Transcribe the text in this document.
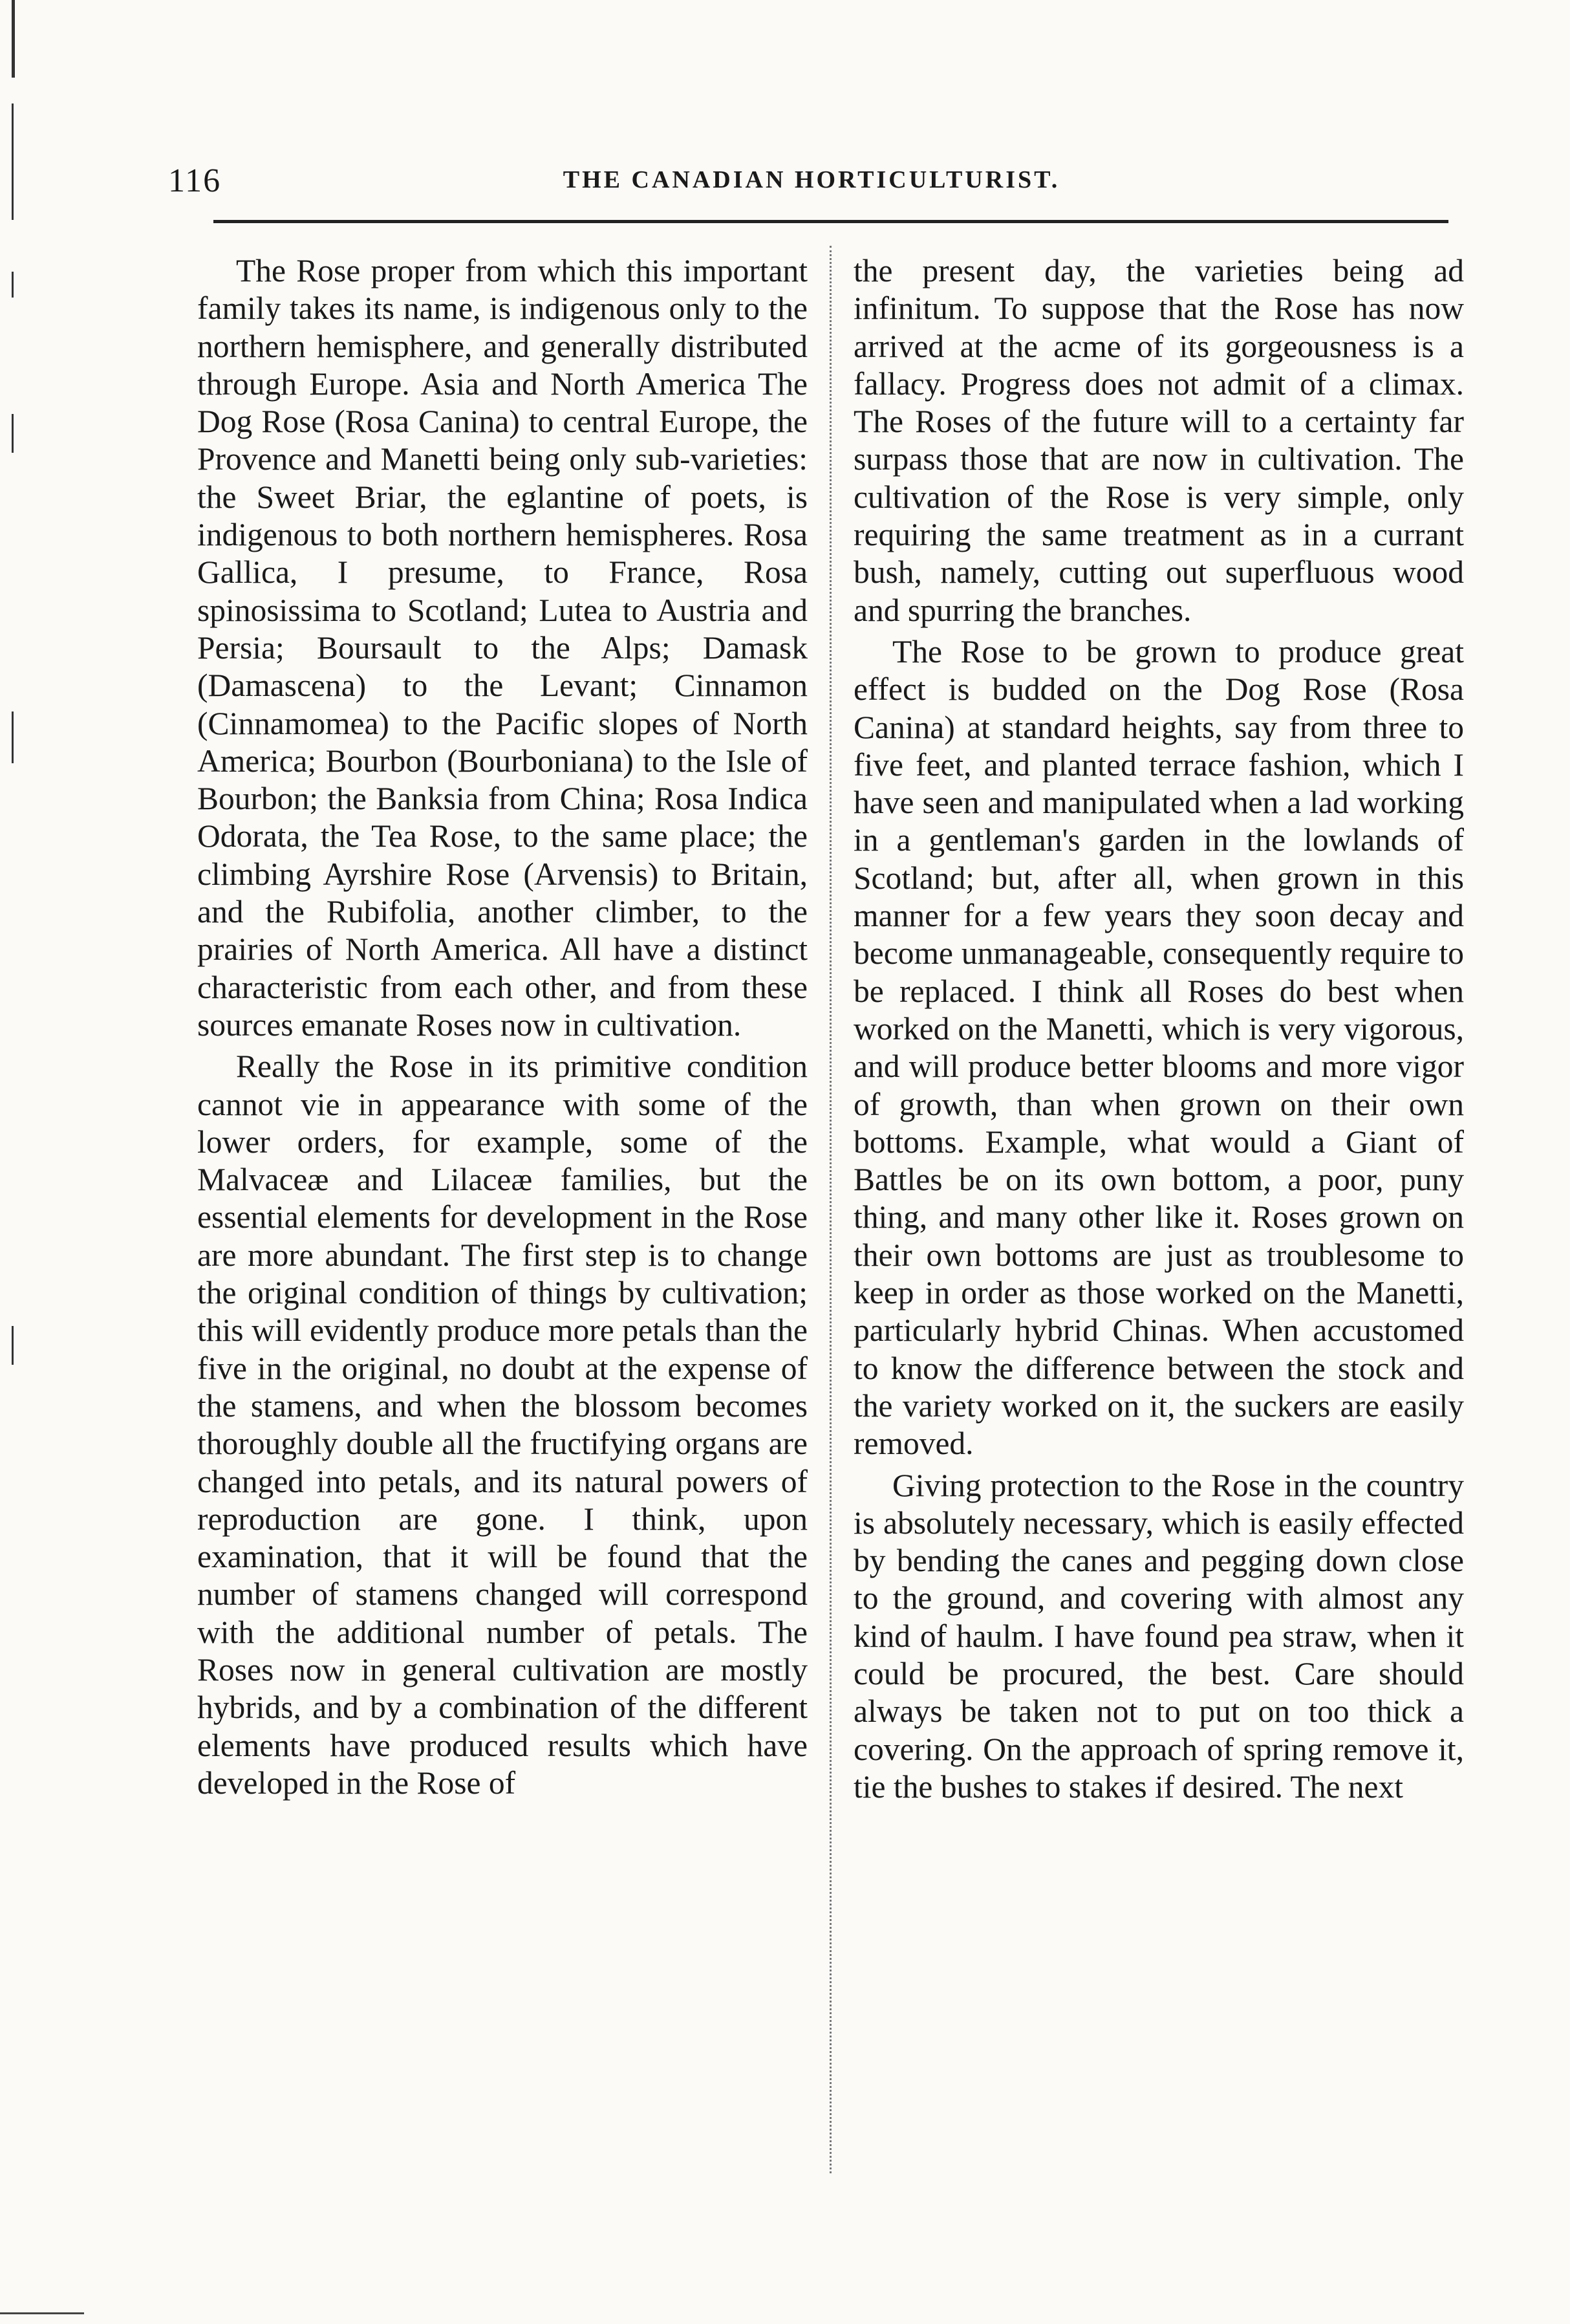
116	THE CANADIAN HORTICULTURIST.

The Rose proper from which this important family takes its name, is indigenous only to the northern hemisphere, and generally distributed through Europe. Asia and North America The Dog Rose (Rosa Canina) to central Europe, the Provence and Manetti being only sub-varieties: the Sweet Briar, the eglantine of poets, is indigenous to both northern hemispheres. Rosa Gallica, I presume, to France, Rosa spinosissima to Scotland; Lutea to Austria and Persia; Boursault to the Alps; Damask (Damascena) to the Levant; Cinnamon (Cinnamomea) to the Pacific slopes of North America; Bourbon (Bourboniana) to the Isle of Bourbon; the Banksia from China; Rosa Indica Odorata, the Tea Rose, to the same place; the climbing Ayrshire Rose (Arvensis) to Britain, and the Rubifolia, another climber, to the prairies of North America. All have a distinct characteristic from each other, and from these sources emanate Roses now in cultivation.

Really the Rose in its primitive condition cannot vie in appearance with some of the lower orders, for example, some of the Malvaceæ and Lilaceæ families, but the essential elements for development in the Rose are more abundant. The first step is to change the original condition of things by cultivation; this will evidently produce more petals than the five in the original, no doubt at the expense of the stamens, and when the blossom becomes thoroughly double all the fructifying organs are changed into petals, and its natural powers of reproduction are gone. I think, upon examination, that it will be found that the number of stamens changed will correspond with the additional number of petals. The Roses now in general cultivation are mostly hybrids, and by a combination of the different elements have produced results which have developed in the Rose of

the present day, the varieties being ad infinitum. To suppose that the Rose has now arrived at the acme of its gorgeousness is a fallacy. Progress does not admit of a climax. The Roses of the future will to a certainty far surpass those that are now in cultivation. The cultivation of the Rose is very simple, only requiring the same treatment as in a currant bush, namely, cutting out superfluous wood and spurring the branches.

The Rose to be grown to produce great effect is budded on the Dog Rose (Rosa Canina) at standard heights, say from three to five feet, and planted terrace fashion, which I have seen and manipulated when a lad working in a gentleman's garden in the lowlands of Scotland; but, after all, when grown in this manner for a few years they soon decay and become unmanageable, consequently require to be replaced. I think all Roses do best when worked on the Manetti, which is very vigorous, and will produce better blooms and more vigor of growth, than when grown on their own bottoms. Example, what would a Giant of Battles be on its own bottom, a poor, puny thing, and many other like it. Roses grown on their own bottoms are just as troublesome to keep in order as those worked on the Manetti, particularly hybrid Chinas. When accustomed to know the difference between the stock and the variety worked on it, the suckers are easily removed.

Giving protection to the Rose in the country is absolutely necessary, which is easily effected by bending the canes and pegging down close to the ground, and covering with almost any kind of haulm. I have found pea straw, when it could be procured, the best. Care should always be taken not to put on too thick a covering. On the approach of spring remove it, tie the bushes to stakes if desired. The next
